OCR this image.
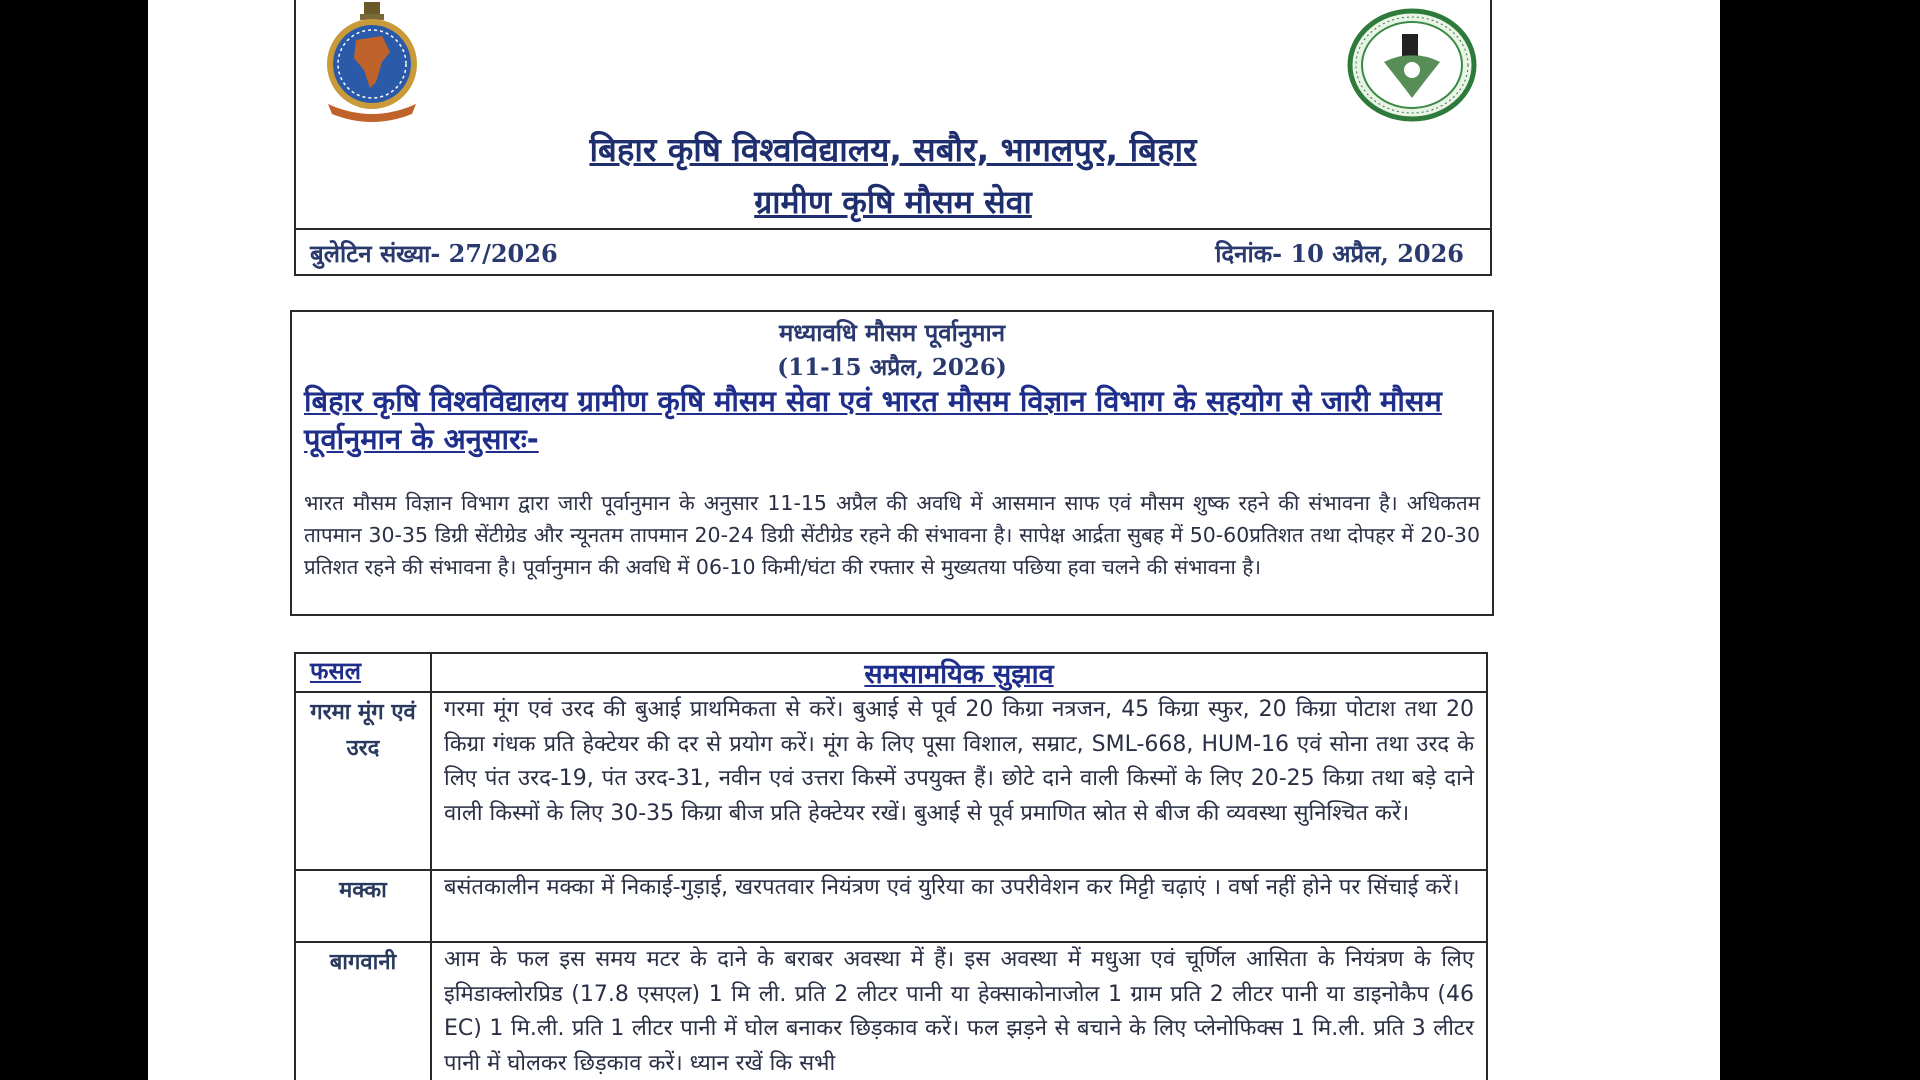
बिहार कृषि विश्वविद्यालय, सबौर, भागलपुर, बिहार
ग्रामीण कृषि मौसम सेवा
बुलेटिन संख्या- 27/2026	दिनांक- 10 अप्रैल, 2026
मध्यावधि मौसम पूर्वानुमान
(11-15 अप्रैल, 2026)
बिहार कृषि विश्वविद्यालय ग्रामीण कृषि मौसम सेवा एवं भारत मौसम विज्ञान विभाग के सहयोग से जारी मौसम पूर्वानुमान के अनुसारः-
भारत मौसम विज्ञान विभाग द्वारा जारी पूर्वानुमान के अनुसार 11-15 अप्रैल की अवधि में आसमान साफ एवं मौसम शुष्क रहने की संभावना है। अधिकतम तापमान 30-35 डिग्री सेंटीग्रेड और न्यूनतम तापमान 20-24 डिग्री सेंटीग्रेड रहने की संभावना है। सापेक्ष आर्द्रता सुबह में 50-60प्रतिशत तथा दोपहर में 20-30 प्रतिशत रहने की संभावना है। पूर्वानुमान की अवधि में 06-10 किमी/घंटा की रफ्तार से मुख्यतया पछिया हवा चलने की संभावना है।
फसल	समसामयिक सुझाव
गरमा मूंग एवं उरद	गरमा मूंग एवं उरद की बुआई प्राथमिकता से करें। बुआई से पूर्व 20 किग्रा नत्रजन, 45 किग्रा स्फुर, 20 किग्रा पोटाश तथा 20 किग्रा गंधक प्रति हेक्टेयर की दर से प्रयोग करें। मूंग के लिए पूसा विशाल, सम्राट, SML-668, HUM-16 एवं सोना तथा उरद के लिए पंत उरद-19, पंत उरद-31, नवीन एवं उत्तरा किस्में उपयुक्त हैं। छोटे दाने वाली किस्मों के लिए 20-25 किग्रा तथा बड़े दाने वाली किस्मों के लिए 30-35 किग्रा बीज प्रति हेक्टेयर रखें। बुआई से पूर्व प्रमाणित स्रोत से बीज की व्यवस्था सुनिश्चित करें।
मक्का	बसंतकालीन मक्का में निकाई-गुड़ाई, खरपतवार नियंत्रण एवं युरिया का उपरीवेशन कर मिट्टी चढ़ाएं । वर्षा नहीं होने पर सिंचाई करें।
बागवानी	आम के फल इस समय मटर के दाने के बराबर अवस्था में हैं। इस अवस्था में मधुआ एवं चूर्णिल आसिता के नियंत्रण के लिए इमिडाक्लोरप्रिड (17.8 एसएल) 1 मि ली. प्रति 2 लीटर पानी या हेक्साकोनाजोल 1 ग्राम प्रति 2 लीटर पानी या डाइनोकैप (46 EC) 1 मि.ली. प्रति 1 लीटर पानी में घोल बनाकर छिड़काव करें। फल झड़ने से बचाने के लिए प्लेनोफिक्स 1 मि.ली. प्रति 3 लीटर पानी में घोलकर छिड़काव करें। ध्यान रखें कि सभी
